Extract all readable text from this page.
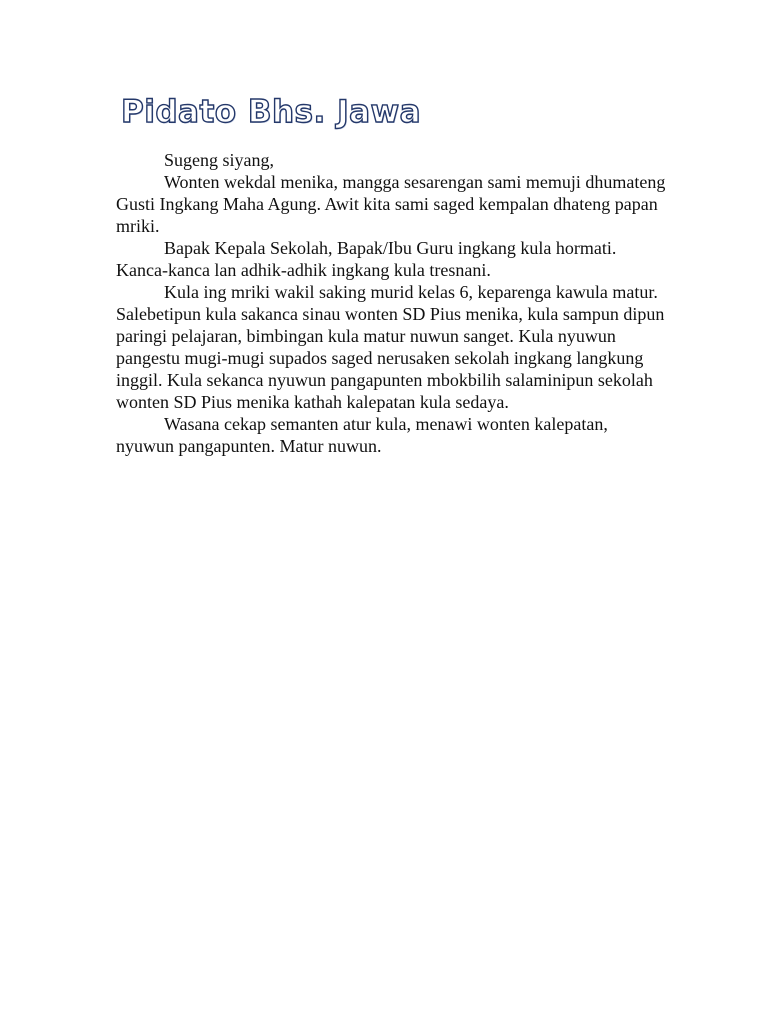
Pidato Bhs. Jawa

Sugeng siyang,

Wonten wekdal menika, mangga sesarengan sami memuji dhumateng Gusti Ingkang Maha Agung. Awit kita sami saged kempalan dhateng papan mriki.

Bapak Kepala Sekolah, Bapak/Ibu Guru ingkang kula hormati. Kanca-kanca lan adhik-adhik ingkang kula tresnani.

Kula ing mriki wakil saking murid kelas 6, keparenga kawula matur. Salebetipun kula sakanca sinau wonten SD Pius menika, kula sampun dipun paringi pelajaran, bimbingan kula matur nuwun sanget. Kula nyuwun pangestu mugi-mugi supados saged nerusaken sekolah ingkang langkung inggil. Kula sekanca nyuwun pangapunten mbokbilih salaminipun sekolah wonten SD Pius menika kathah kalepatan kula sedaya.

Wasana cekap semanten atur kula, menawi wonten kalepatan, nyuwun pangapunten. Matur nuwun.
